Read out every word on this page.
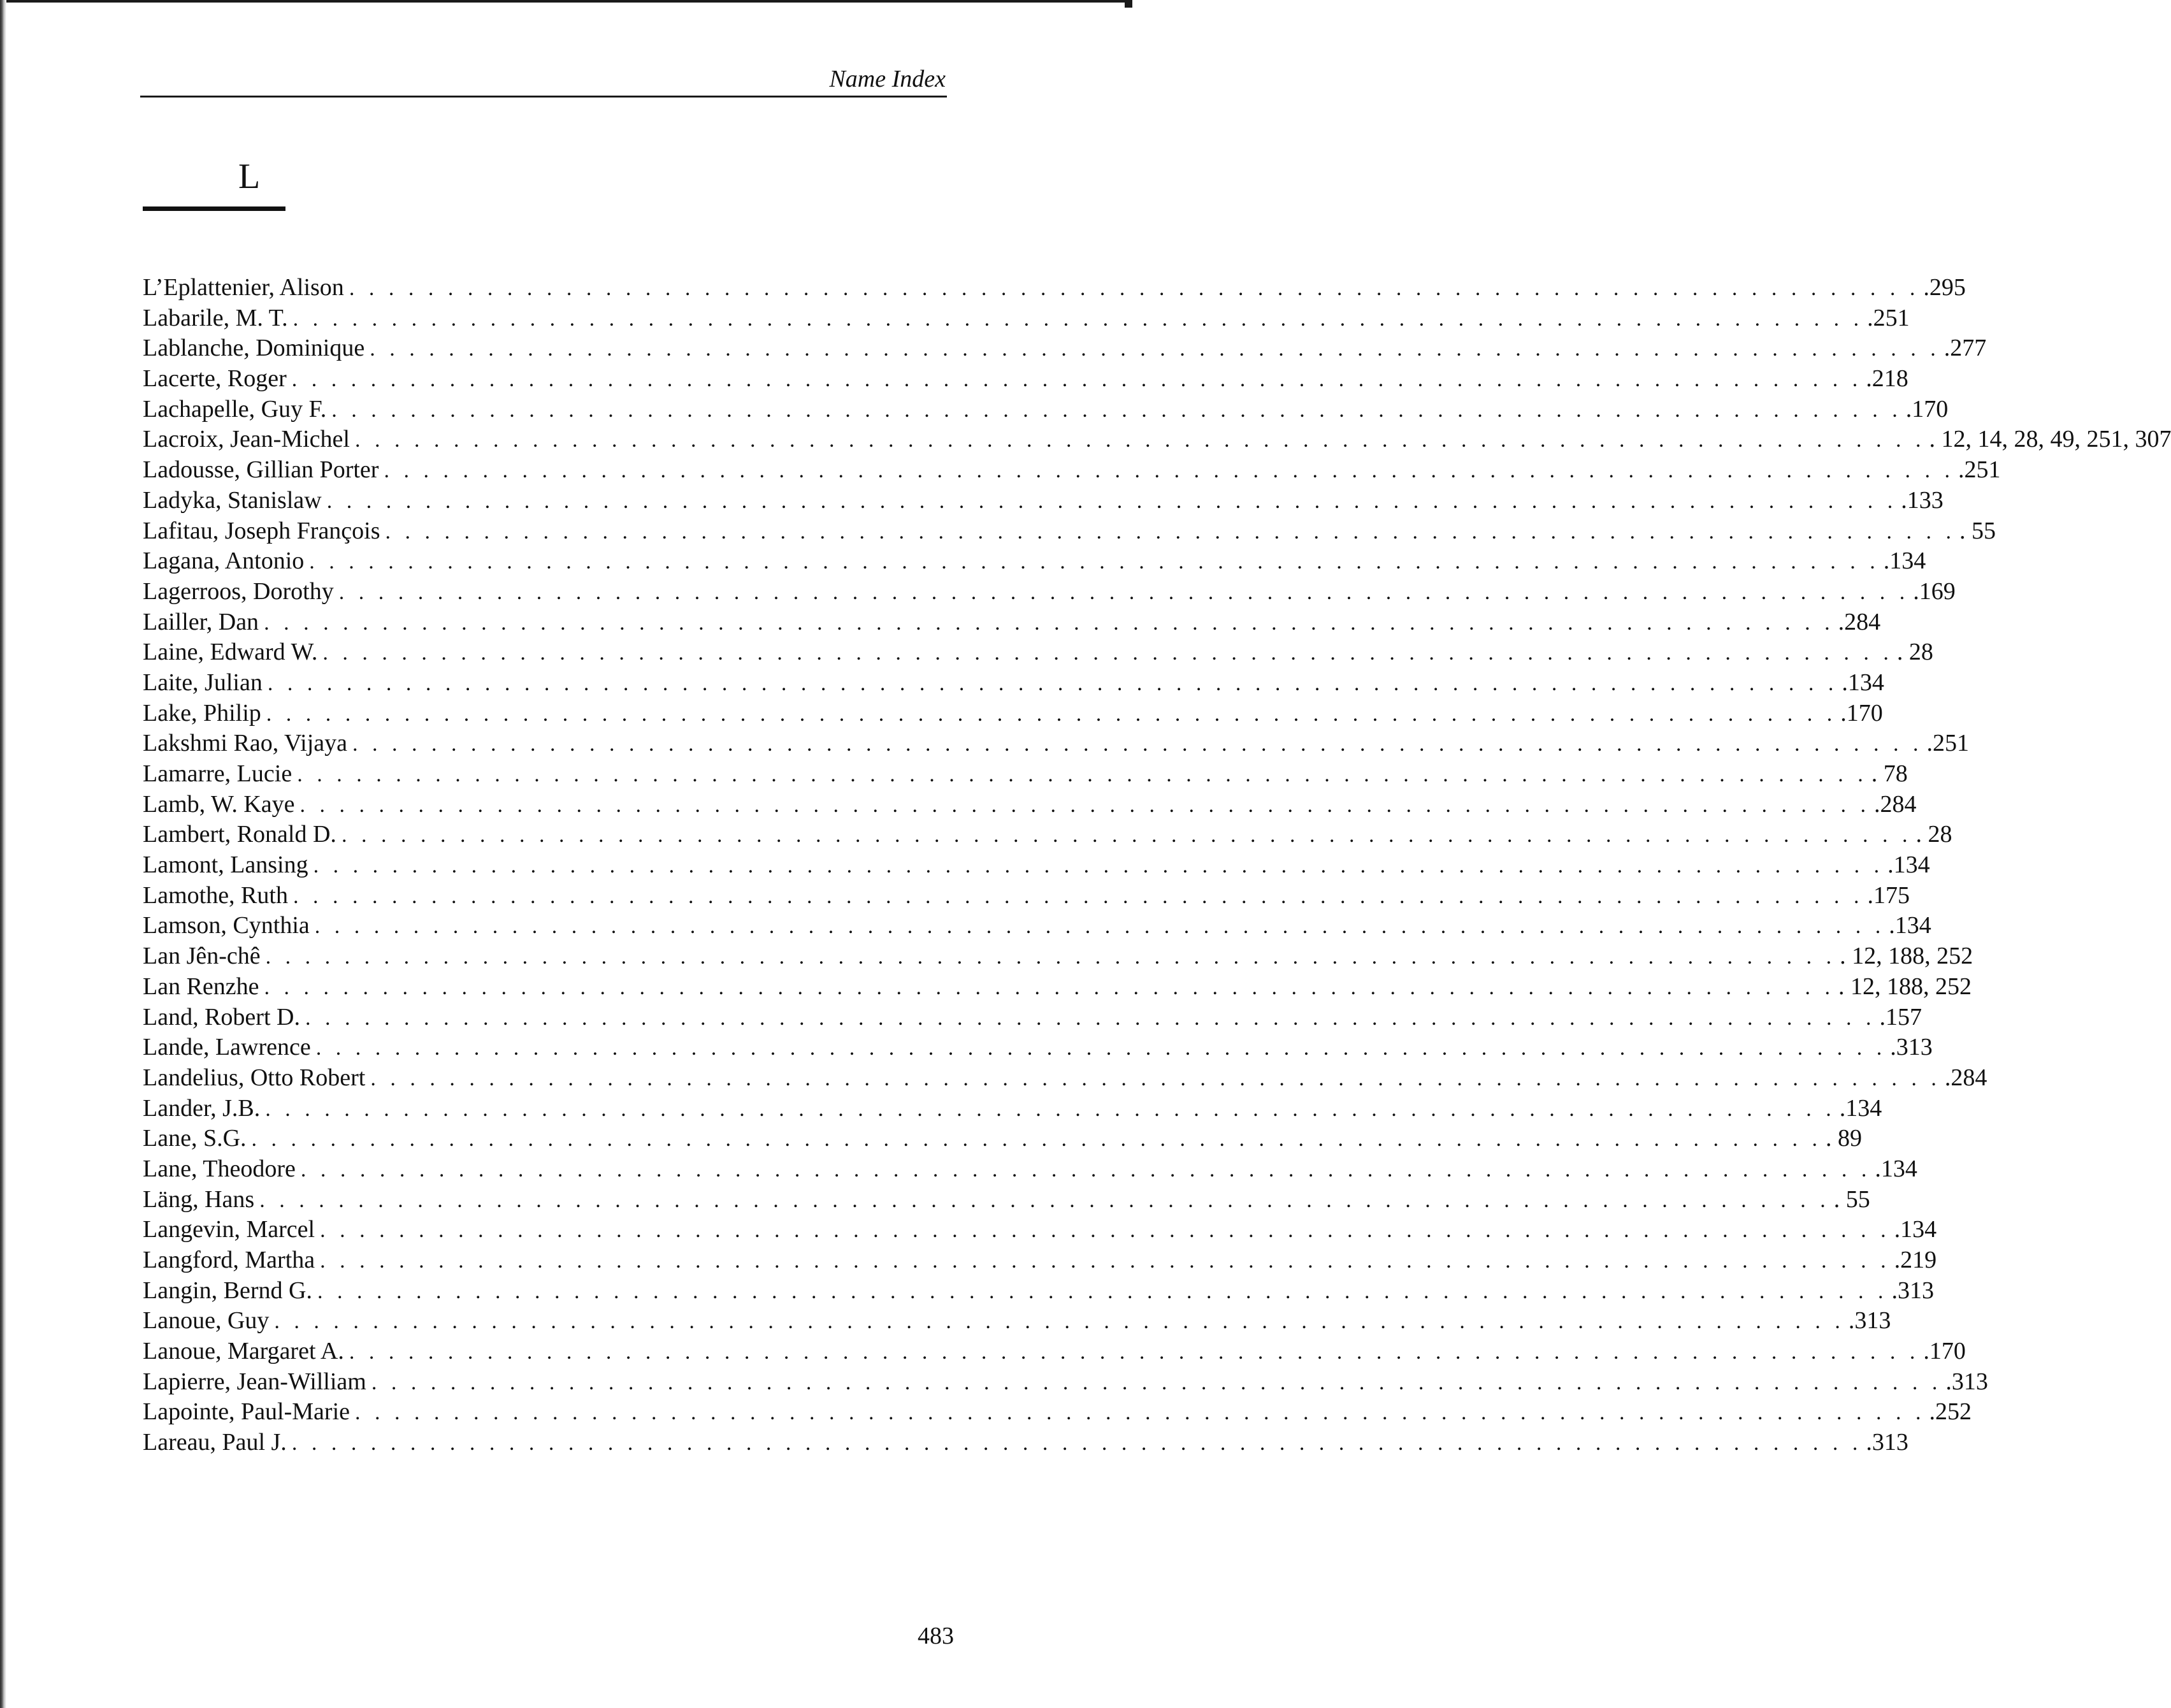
Name Index
L
L’Eplattenier, Alison . . . . . . . . . . . . . . . . . . . . . . . . . . . . . . . . . . . . . . . . . . . . . . . . . . . . . . . . . . . . . . . . . . . . . . . . . . . . . . . . .295
Labarile, M. T. . . . . . . . . . . . . . . . . . . . . . . . . . . . . . . . . . . . . . . . . . . . . . . . . . . . . . . . . . . . . . . . . . . . . . . . . . . . . . . . . .251
Lablanche, Dominique . . . . . . . . . . . . . . . . . . . . . . . . . . . . . . . . . . . . . . . . . . . . . . . . . . . . . . . . . . . . . . . . . . . . . . . . . . . . . . . . .277
Lacerte, Roger . . . . . . . . . . . . . . . . . . . . . . . . . . . . . . . . . . . . . . . . . . . . . . . . . . . . . . . . . . . . . . . . . . . . . . . . . . . . . . . . .218
Lachapelle, Guy F. . . . . . . . . . . . . . . . . . . . . . . . . . . . . . . . . . . . . . . . . . . . . . . . . . . . . . . . . . . . . . . . . . . . . . . . . . . . . . . . . .170
Lacroix, Jean-Michel . . . . . . . . . . . . . . . . . . . . . . . . . . . . . . . . . . . . . . . . . . . . . . . . . . . . . . . . . . . . . . . . . . . . . . . . . . . . . . . . . 12, 14, 28, 49, 251, 307
Ladousse, Gillian Porter . . . . . . . . . . . . . . . . . . . . . . . . . . . . . . . . . . . . . . . . . . . . . . . . . . . . . . . . . . . . . . . . . . . . . . . . . . . . . . . . .251
Ladyka, Stanislaw . . . . . . . . . . . . . . . . . . . . . . . . . . . . . . . . . . . . . . . . . . . . . . . . . . . . . . . . . . . . . . . . . . . . . . . . . . . . . . . . .133
Lafitau, Joseph François . . . . . . . . . . . . . . . . . . . . . . . . . . . . . . . . . . . . . . . . . . . . . . . . . . . . . . . . . . . . . . . . . . . . . . . . . . . . . . . . . 55
Lagana, Antonio . . . . . . . . . . . . . . . . . . . . . . . . . . . . . . . . . . . . . . . . . . . . . . . . . . . . . . . . . . . . . . . . . . . . . . . . . . . . . . . . .134
Lagerroos, Dorothy . . . . . . . . . . . . . . . . . . . . . . . . . . . . . . . . . . . . . . . . . . . . . . . . . . . . . . . . . . . . . . . . . . . . . . . . . . . . . . . . .169
Lailler, Dan . . . . . . . . . . . . . . . . . . . . . . . . . . . . . . . . . . . . . . . . . . . . . . . . . . . . . . . . . . . . . . . . . . . . . . . . . . . . . . . . .284
Laine, Edward W. . . . . . . . . . . . . . . . . . . . . . . . . . . . . . . . . . . . . . . . . . . . . . . . . . . . . . . . . . . . . . . . . . . . . . . . . . . . . . . . . . 28
Laite, Julian . . . . . . . . . . . . . . . . . . . . . . . . . . . . . . . . . . . . . . . . . . . . . . . . . . . . . . . . . . . . . . . . . . . . . . . . . . . . . . . . .134
Lake, Philip . . . . . . . . . . . . . . . . . . . . . . . . . . . . . . . . . . . . . . . . . . . . . . . . . . . . . . . . . . . . . . . . . . . . . . . . . . . . . . . . .170
Lakshmi Rao, Vijaya . . . . . . . . . . . . . . . . . . . . . . . . . . . . . . . . . . . . . . . . . . . . . . . . . . . . . . . . . . . . . . . . . . . . . . . . . . . . . . . . .251
Lamarre, Lucie . . . . . . . . . . . . . . . . . . . . . . . . . . . . . . . . . . . . . . . . . . . . . . . . . . . . . . . . . . . . . . . . . . . . . . . . . . . . . . . . . 78
Lamb, W. Kaye . . . . . . . . . . . . . . . . . . . . . . . . . . . . . . . . . . . . . . . . . . . . . . . . . . . . . . . . . . . . . . . . . . . . . . . . . . . . . . . . .284
Lambert, Ronald D. . . . . . . . . . . . . . . . . . . . . . . . . . . . . . . . . . . . . . . . . . . . . . . . . . . . . . . . . . . . . . . . . . . . . . . . . . . . . . . . . . 28
Lamont, Lansing . . . . . . . . . . . . . . . . . . . . . . . . . . . . . . . . . . . . . . . . . . . . . . . . . . . . . . . . . . . . . . . . . . . . . . . . . . . . . . . . .134
Lamothe, Ruth . . . . . . . . . . . . . . . . . . . . . . . . . . . . . . . . . . . . . . . . . . . . . . . . . . . . . . . . . . . . . . . . . . . . . . . . . . . . . . . . .175
Lamson, Cynthia . . . . . . . . . . . . . . . . . . . . . . . . . . . . . . . . . . . . . . . . . . . . . . . . . . . . . . . . . . . . . . . . . . . . . . . . . . . . . . . . .134
Lan Jên-chê . . . . . . . . . . . . . . . . . . . . . . . . . . . . . . . . . . . . . . . . . . . . . . . . . . . . . . . . . . . . . . . . . . . . . . . . . . . . . . . . . 12, 188, 252
Lan Renzhe . . . . . . . . . . . . . . . . . . . . . . . . . . . . . . . . . . . . . . . . . . . . . . . . . . . . . . . . . . . . . . . . . . . . . . . . . . . . . . . . . 12, 188, 252
Land, Robert D. . . . . . . . . . . . . . . . . . . . . . . . . . . . . . . . . . . . . . . . . . . . . . . . . . . . . . . . . . . . . . . . . . . . . . . . . . . . . . . . . .157
Lande, Lawrence . . . . . . . . . . . . . . . . . . . . . . . . . . . . . . . . . . . . . . . . . . . . . . . . . . . . . . . . . . . . . . . . . . . . . . . . . . . . . . . . .313
Landelius, Otto Robert . . . . . . . . . . . . . . . . . . . . . . . . . . . . . . . . . . . . . . . . . . . . . . . . . . . . . . . . . . . . . . . . . . . . . . . . . . . . . . . . .284
Lander, J.B. . . . . . . . . . . . . . . . . . . . . . . . . . . . . . . . . . . . . . . . . . . . . . . . . . . . . . . . . . . . . . . . . . . . . . . . . . . . . . . . . .134
Lane, S.G. . . . . . . . . . . . . . . . . . . . . . . . . . . . . . . . . . . . . . . . . . . . . . . . . . . . . . . . . . . . . . . . . . . . . . . . . . . . . . . . . . 89
Lane, Theodore . . . . . . . . . . . . . . . . . . . . . . . . . . . . . . . . . . . . . . . . . . . . . . . . . . . . . . . . . . . . . . . . . . . . . . . . . . . . . . . . .134
Läng, Hans . . . . . . . . . . . . . . . . . . . . . . . . . . . . . . . . . . . . . . . . . . . . . . . . . . . . . . . . . . . . . . . . . . . . . . . . . . . . . . . . . 55
Langevin, Marcel . . . . . . . . . . . . . . . . . . . . . . . . . . . . . . . . . . . . . . . . . . . . . . . . . . . . . . . . . . . . . . . . . . . . . . . . . . . . . . . . .134
Langford, Martha . . . . . . . . . . . . . . . . . . . . . . . . . . . . . . . . . . . . . . . . . . . . . . . . . . . . . . . . . . . . . . . . . . . . . . . . . . . . . . . . .219
Langin, Bernd G. . . . . . . . . . . . . . . . . . . . . . . . . . . . . . . . . . . . . . . . . . . . . . . . . . . . . . . . . . . . . . . . . . . . . . . . . . . . . . . . . .313
Lanoue, Guy . . . . . . . . . . . . . . . . . . . . . . . . . . . . . . . . . . . . . . . . . . . . . . . . . . . . . . . . . . . . . . . . . . . . . . . . . . . . . . . . .313
Lanoue, Margaret A. . . . . . . . . . . . . . . . . . . . . . . . . . . . . . . . . . . . . . . . . . . . . . . . . . . . . . . . . . . . . . . . . . . . . . . . . . . . . . . . . .170
Lapierre, Jean-William . . . . . . . . . . . . . . . . . . . . . . . . . . . . . . . . . . . . . . . . . . . . . . . . . . . . . . . . . . . . . . . . . . . . . . . . . . . . . . . . .313
Lapointe, Paul-Marie . . . . . . . . . . . . . . . . . . . . . . . . . . . . . . . . . . . . . . . . . . . . . . . . . . . . . . . . . . . . . . . . . . . . . . . . . . . . . . . . .252
Lareau, Paul J. . . . . . . . . . . . . . . . . . . . . . . . . . . . . . . . . . . . . . . . . . . . . . . . . . . . . . . . . . . . . . . . . . . . . . . . . . . . . . . . . .313
483
